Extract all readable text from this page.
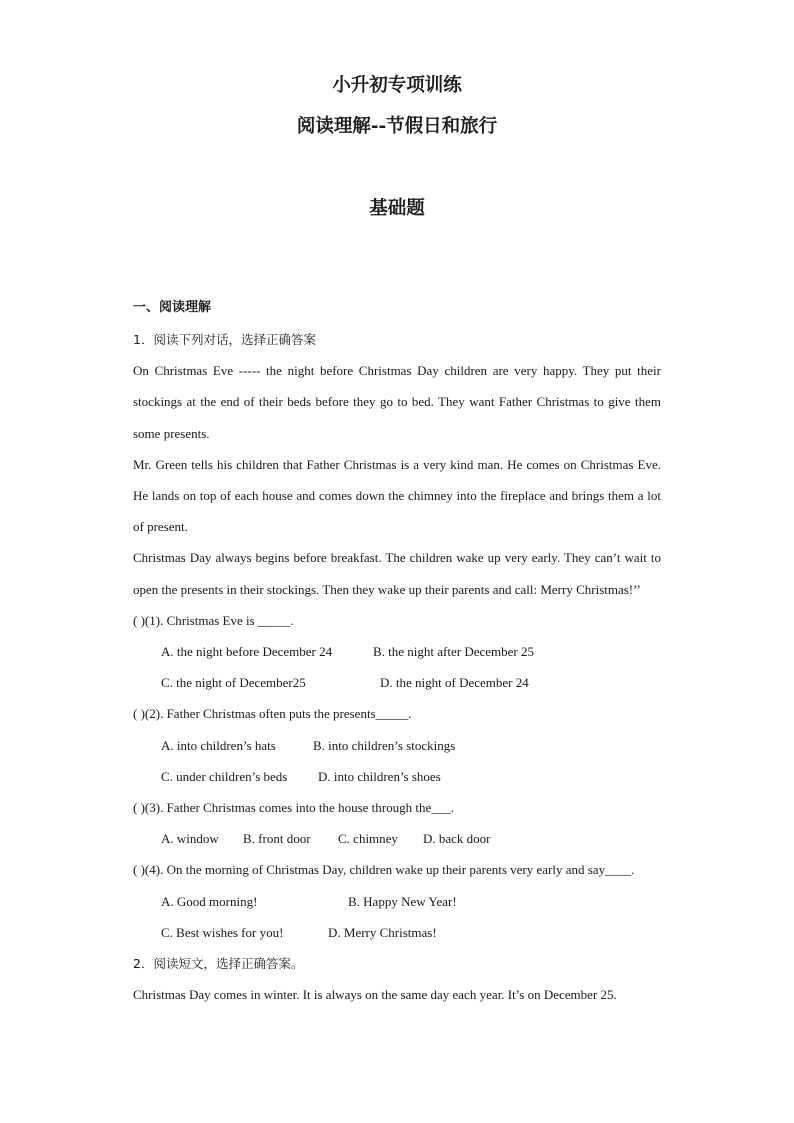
小升初专项训练
阅读理解--节假日和旅行
基础题
一、阅读理解

1．阅读下列对话，选择正确答案

On Christmas Eve ----- the night before Christmas Day children are very happy. They put their stockings at the end of their beds before they go to bed. They want Father Christmas to give them some presents.

Mr. Green tells his children that Father Christmas is a very kind man. He comes on Christmas Eve. He lands on top of each house and comes down the chimney into the fireplace and brings them a lot of present.

Christmas Day always begins before breakfast. The children wake up very early. They can’t wait to open the presents in their stockings. Then they wake up their parents and call: Merry Christmas!’’

( )(1). Christmas Eve is _____.

A. the night before December 24	B. the night after December 25
C. the night of December25	D. the night of December 24

( )(2). Father Christmas often puts the presents_____.

A. into children’s hats	B. into children’s stockings
C. under children’s beds	D. into children’s shoes

( )(3). Father Christmas comes into the house through the___.

A. window	B. front door	C. chimney	D. back door

( )(4). On the morning of Christmas Day, children wake up their parents very early and say____.

A. Good morning!	B. Happy New Year!
C. Best wishes for you!	D. Merry Christmas!

2．阅读短文，选择正确答案。

Christmas Day comes in winter. It is always on the same day each year. It’s on December 25.
